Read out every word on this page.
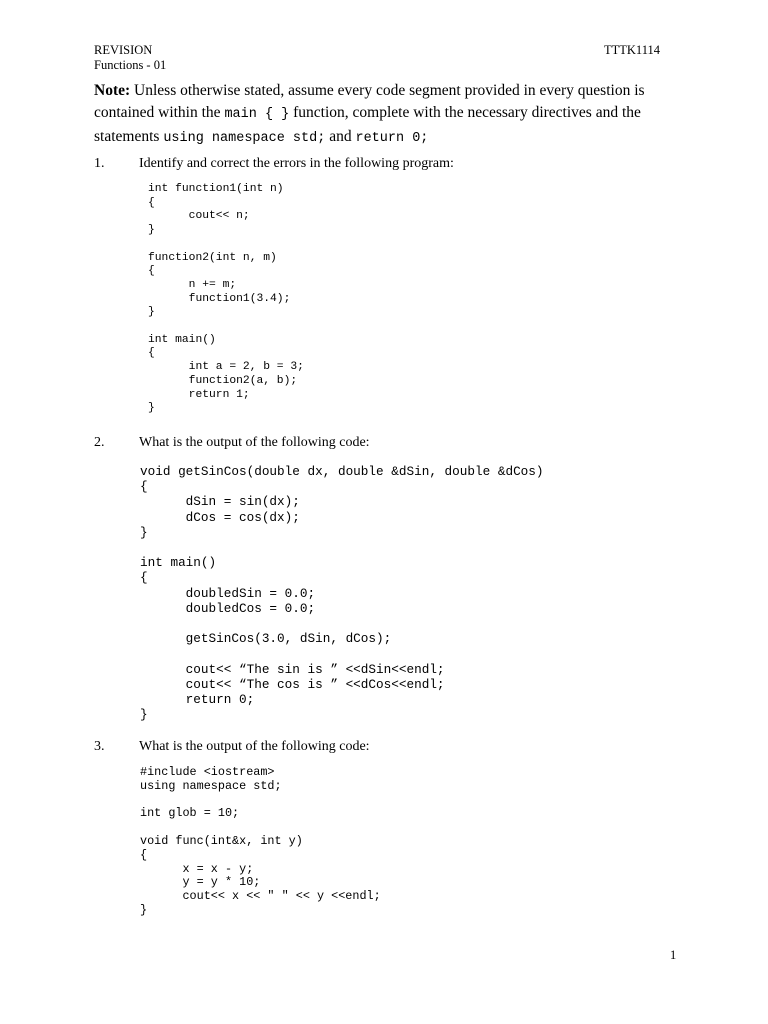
REVISION
Functions - 01
TTTK1114
Note: Unless otherwise stated, assume every code segment provided in every question is contained within the main { } function, complete with the necessary directives and the statements using namespace std; and return 0;
1. Identify and correct the errors in the following program:
int function1(int n)
{
cout<< n;
}

function2(int n, m)
{
n += m;
function1(3.4);
}

int main()
{
int a = 2, b = 3;
function2(a, b);
return 1;
}
2. What is the output of the following code:
void getSinCos(double dx, double &dSin, double &dCos)
{
dSin = sin(dx);
dCos = cos(dx);
}

int main()
{
doubledSin = 0.0;
doubledCos = 0.0;

getSinCos(3.0, dSin, dCos);

cout<< “The sin is ” <<dSin<<endl;
cout<< “The cos is ” <<dCos<<endl;
return 0;
}
3. What is the output of the following code:
#include <iostream>
using namespace std;

int glob = 10;

void func(int&x, int y)
{
x = x - y;
y = y * 10;
cout<< x << " " << y <<endl;
}
1
